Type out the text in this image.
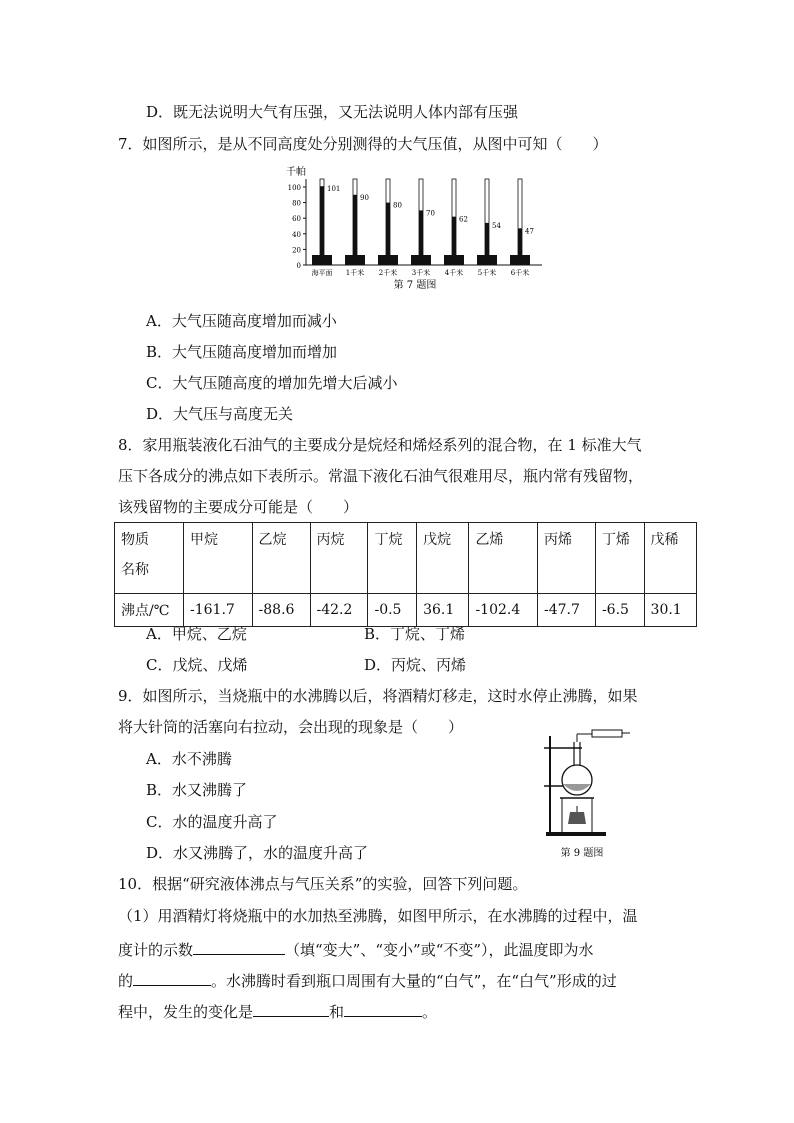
D．既无法说明大气有压强，又无法说明人体内部有压强
7．如图所示，是从不同高度处分别测得的大气压值，从图中可知（　　）
千帕
100
80
60
40
20
0
101
海平面
90
1千米
80
2千米
70
3千米
62
4千米
54
5千米
47
6千米
第 7 题图
A．大气压随高度增加而减小
B．大气压随高度增加而增加
C．大气压随高度的增加先增大后减小
D．大气压与高度无关
8．家用瓶装液化石油气的主要成分是烷烃和烯烃系列的混合物，在 1 标准大气
压下各成分的沸点如下表所示。常温下液化石油气很难用尽，瓶内常有残留物，
该残留物的主要成分可能是（　　）
物质
名称	甲烷	乙烷	丙烷	丁烷	戊烷	乙烯	丙烯	丁烯	戊稀
沸点/℃	-161.7	-88.6	-42.2	-0.5	36.1	-102.4	-47.7	-6.5	30.1
A．甲烷、乙烷	B．丁烷、丁烯
C．戊烷、戊烯	D．丙烷、丙烯
9．如图所示，当烧瓶中的水沸腾以后，将酒精灯移走，这时水停止沸腾，如果
将大针筒的活塞向右拉动，会出现的现象是（　　）
A．水不沸腾
B．水又沸腾了
C．水的温度升高了
D．水又沸腾了，水的温度升高了	第 9 题图
10．根据“研究液体沸点与气压关系”的实验，回答下列问题。
（1）用酒精灯将烧瓶中的水加热至沸腾，如图甲所示，在水沸腾的过程中，温
度计的示数	（填“变大”、“变小”或“不变”），此温度即为水
的	。水沸腾时看到瓶口周围有大量的“白气”，在“白气”形成的过
程中，发生的变化是	和	。
